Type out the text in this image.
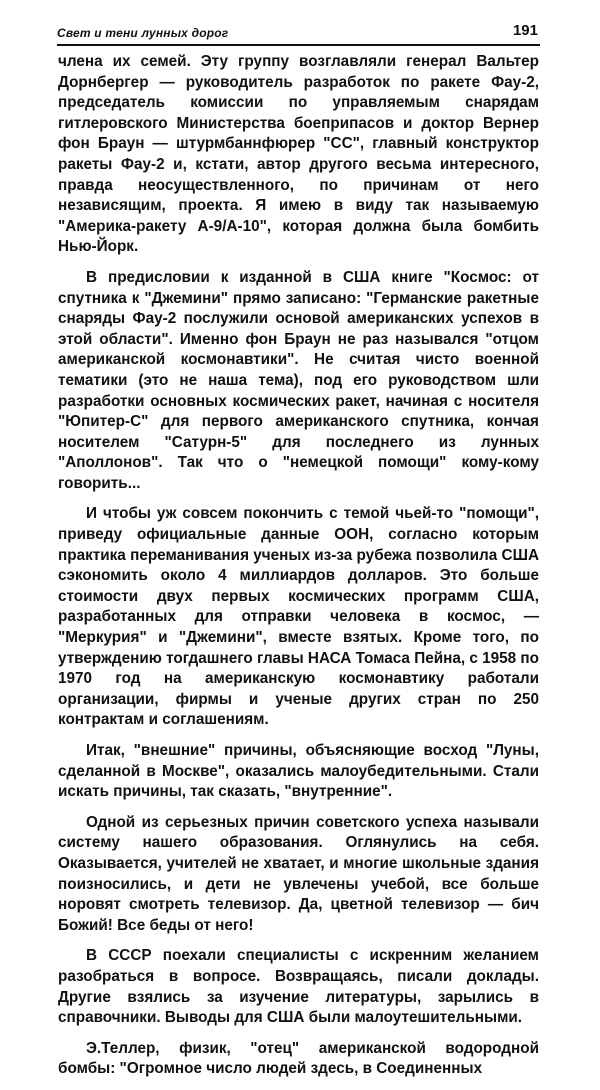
Свет и тени лунных дорог	191

члена их семей. Эту группу возглавляли генерал Вальтер Дорнбергер — руководитель разработок по ракете Фау-2, председатель комиссии по управляемым снарядам гитлеровского Министерства боеприпасов и доктор Вернер фон Браун — штурмбаннфюрер "СС", главный конструктор ракеты Фау-2 и, кстати, автор другого весьма интересного, правда неосуществленного, по причинам от него независящим, проекта. Я имею в виду так называемую "Америка-ракету А-9/А-10", которая должна была бомбить Нью-Йорк.

В предисловии к изданной в США книге "Космос: от спутника к "Джемини" прямо записано: "Германские ракетные снаряды Фау-2 послужили основой американских успехов в этой области". Именно фон Браун не раз назывался "отцом американской космонавтики". Не считая чисто военной тематики (это не наша тема), под его руководством шли разработки основных космических ракет, начиная с носителя "Юпитер-С" для первого американского спутника, кончая носителем "Сатурн-5" для последнего из лунных "Аполлонов". Так что о "немецкой помощи" кому-кому говорить...

И чтобы уж совсем покончить с темой чьей-то "помощи", приведу официальные данные ООН, согласно которым практика переманивания ученых из-за рубежа позволила США сэкономить около 4 миллиардов долларов. Это больше стоимости двух первых космических программ США, разработанных для отправки человека в космос, — "Меркурия" и "Джемини", вместе взятых. Кроме того, по утверждению тогдашнего главы НАСА Томаса Пейна, с 1958 по 1970 год на американскую космонавтику работали организации, фирмы и ученые других стран по 250 контрактам и соглашениям.

Итак, "внешние" причины, объясняющие восход "Луны, сделанной в Москве", оказались малоубедительными. Стали искать причины, так сказать, "внутренние".

Одной из серьезных причин советского успеха называли систему нашего образования. Оглянулись на себя. Оказывается, учителей не хватает, и многие школьные здания поизносились, и дети не увлечены учебой, все больше норовят смотреть телевизор. Да, цветной телевизор — бич Божий! Все беды от него!

В СССР поехали специалисты с искренним желанием разобраться в вопросе. Возвращаясь, писали доклады. Другие взялись за изучение литературы, зарылись в справочники. Выводы для США были малоутешительными.

Э.Теллер, физик, "отец" американской водородной бомбы: "Огромное число людей здесь, в Соединенных
